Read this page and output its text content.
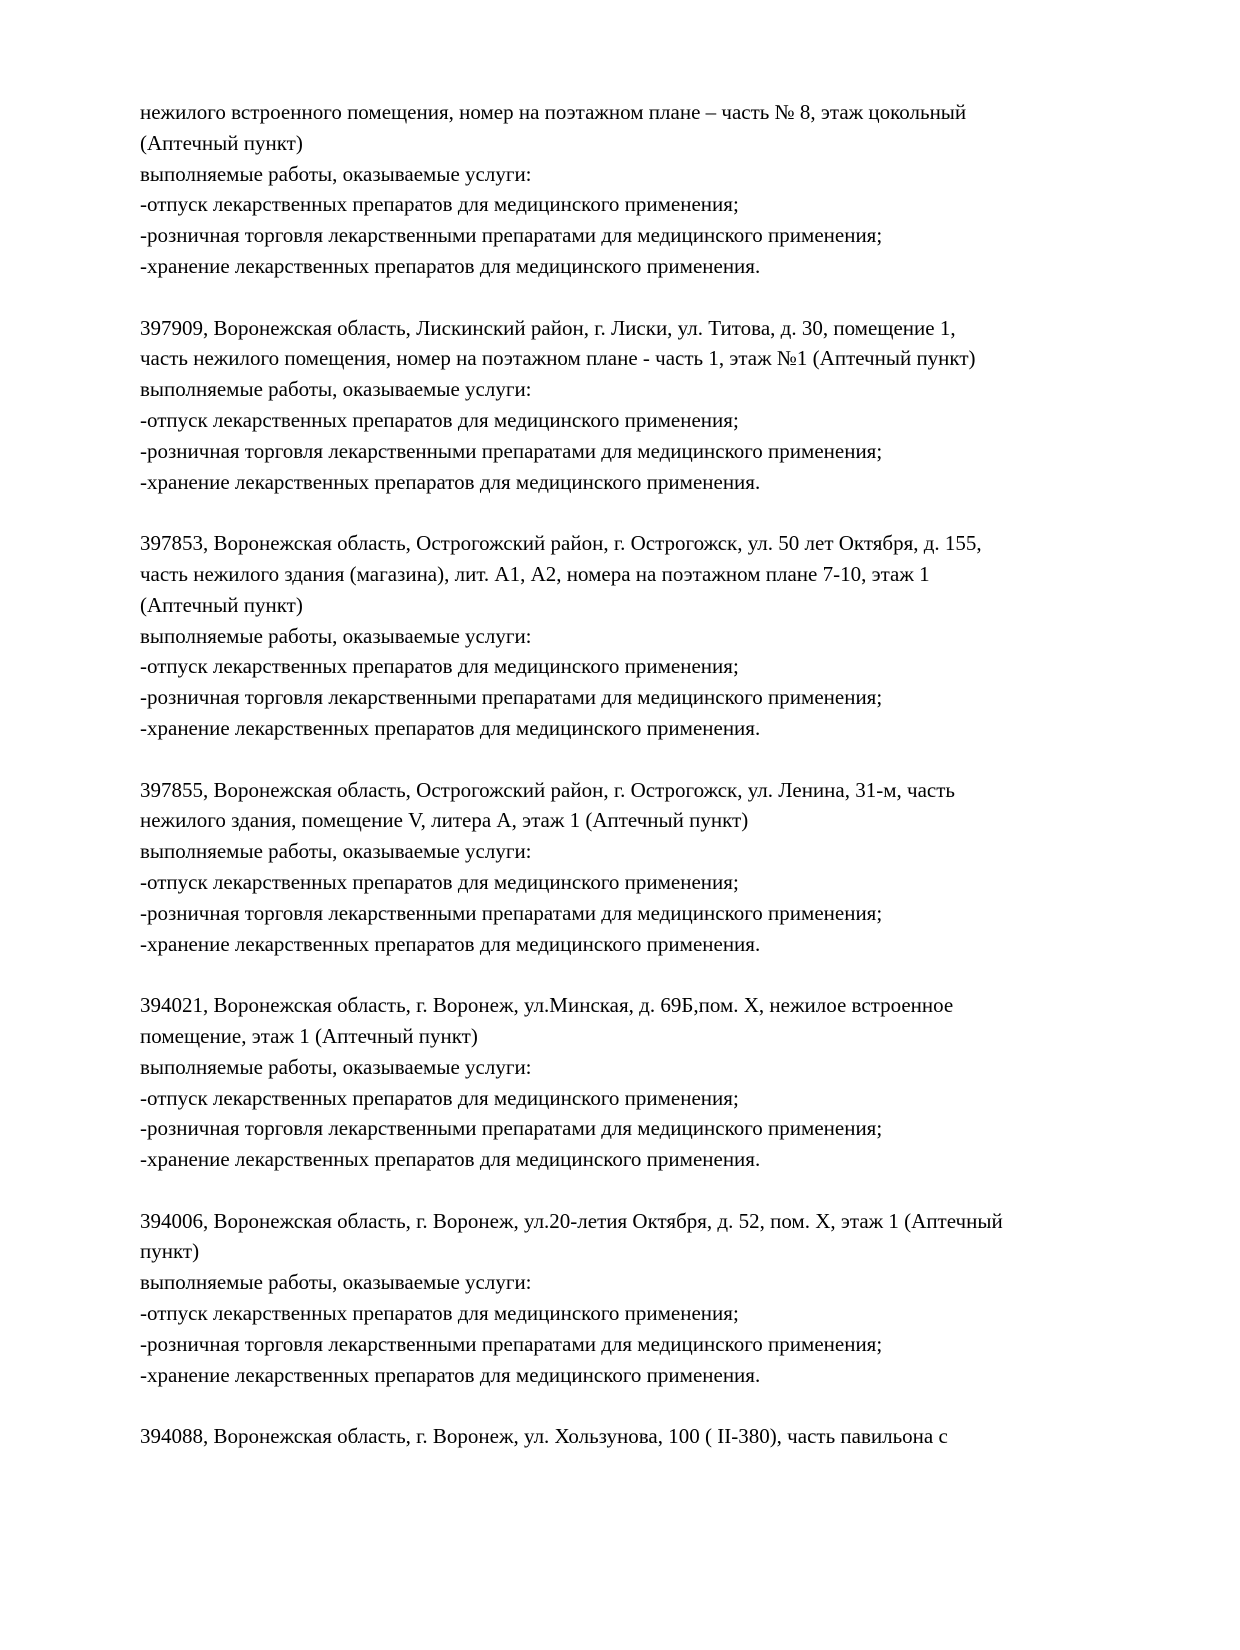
нежилого встроенного помещения, номер на поэтажном плане – часть № 8, этаж цокольный
(Аптечный пункт)
выполняемые работы, оказываемые услуги:
-отпуск лекарственных препаратов для медицинского применения;
-розничная торговля лекарственными препаратами для медицинского применения;
-хранение лекарственных препаратов для медицинского применения.
397909, Воронежская область, Лискинский район, г. Лиски, ул. Титова, д. 30, помещение 1,
часть нежилого помещения, номер на поэтажном плане - часть 1, этаж №1 (Аптечный пункт)
выполняемые работы, оказываемые услуги:
-отпуск лекарственных препаратов для медицинского применения;
-розничная торговля лекарственными препаратами для медицинского применения;
-хранение лекарственных препаратов для медицинского применения.
397853, Воронежская область, Острогожский район, г. Острогожск, ул. 50 лет Октября, д. 155,
часть нежилого здания (магазина), лит. А1, А2, номера на поэтажном плане 7-10, этаж 1
(Аптечный пункт)
выполняемые работы, оказываемые услуги:
-отпуск лекарственных препаратов для медицинского применения;
-розничная торговля лекарственными препаратами для медицинского применения;
-хранение лекарственных препаратов для медицинского применения.
397855, Воронежская область, Острогожский район, г. Острогожск, ул. Ленина, 31-м, часть
нежилого здания, помещение V, литера А, этаж 1 (Аптечный пункт)
выполняемые работы, оказываемые услуги:
-отпуск лекарственных препаратов для медицинского применения;
-розничная торговля лекарственными препаратами для медицинского применения;
-хранение лекарственных препаратов для медицинского применения.
394021, Воронежская область, г. Воронеж, ул.Минская, д. 69Б,пом. X, нежилое встроенное
помещение, этаж 1 (Аптечный пункт)
выполняемые работы, оказываемые услуги:
-отпуск лекарственных препаратов для медицинского применения;
-розничная торговля лекарственными препаратами для медицинского применения;
-хранение лекарственных препаратов для медицинского применения.
394006, Воронежская область, г. Воронеж, ул.20-летия Октября, д. 52, пом. X, этаж 1 (Аптечный
пункт)
выполняемые работы, оказываемые услуги:
-отпуск лекарственных препаратов для медицинского применения;
-розничная торговля лекарственными препаратами для медицинского применения;
-хранение лекарственных препаратов для медицинского применения.
394088, Воронежская область, г. Воронеж, ул. Хользунова, 100 ( II-380), часть павильона с
